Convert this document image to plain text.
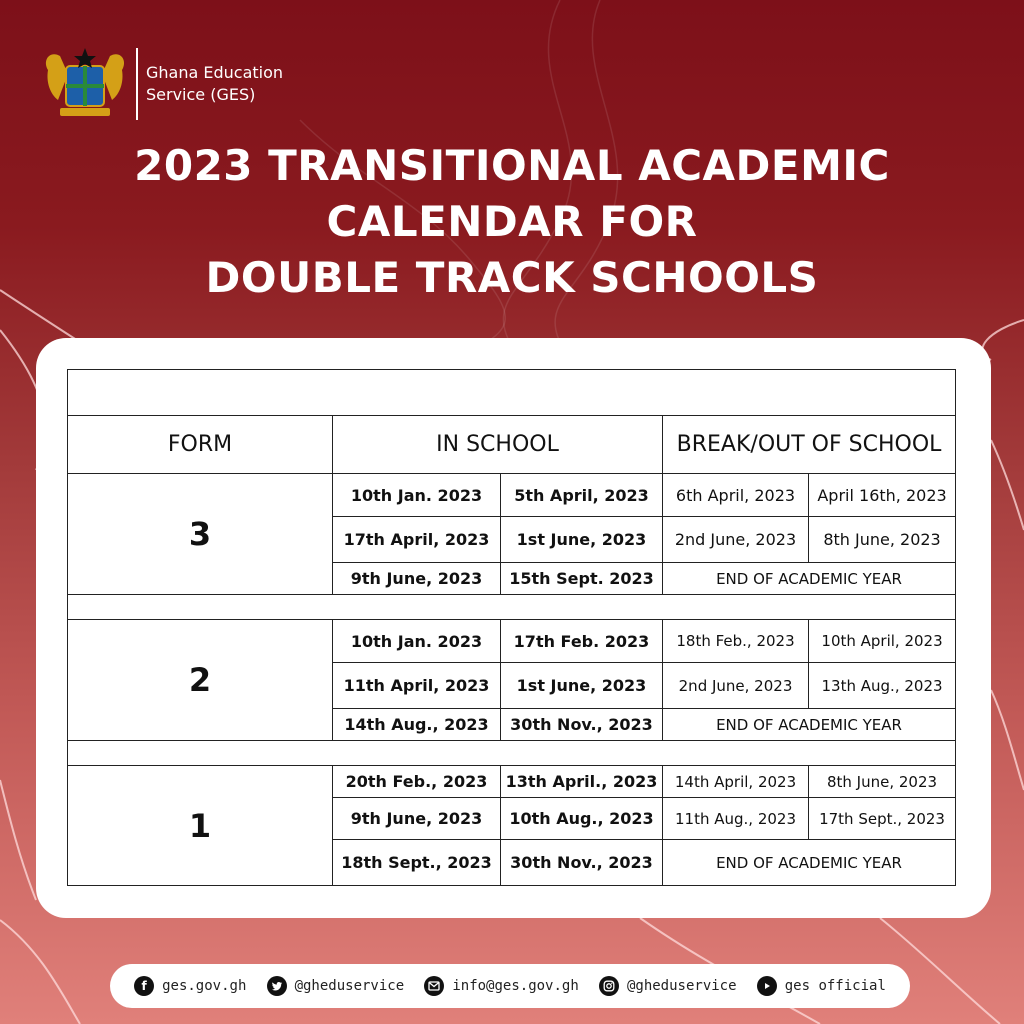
Ghana Education
Service (GES)
2023 TRANSITIONAL ACADEMIC
CALENDAR FOR
DOUBLE TRACK SCHOOLS

FORM	IN SCHOOL		BREAK/OUT OF SCHOOL	
3	10th Jan. 2023	5th April, 2023	6th April, 2023	April 16th, 2023
	17th April, 2023	1st June, 2023	2nd June, 2023	8th June, 2023
	9th June, 2023	15th Sept. 2023	END OF ACADEMIC YEAR	

2	10th Jan. 2023	17th Feb. 2023	18th Feb., 2023	10th April, 2023
	11th April, 2023	1st June, 2023	2nd June, 2023	13th Aug., 2023
	14th Aug., 2023	30th Nov., 2023	END OF ACADEMIC YEAR	

1	20th Feb., 2023	13th April., 2023	14th April, 2023	8th June, 2023
	9th June, 2023	10th Aug., 2023	11th Aug., 2023	17th Sept., 2023
	18th Sept., 2023	30th Nov., 2023	END OF ACADEMIC YEAR	
f	ges.gov.gh	@gheduservice	info@ges.gov.gh	@gheduservice	ges official
